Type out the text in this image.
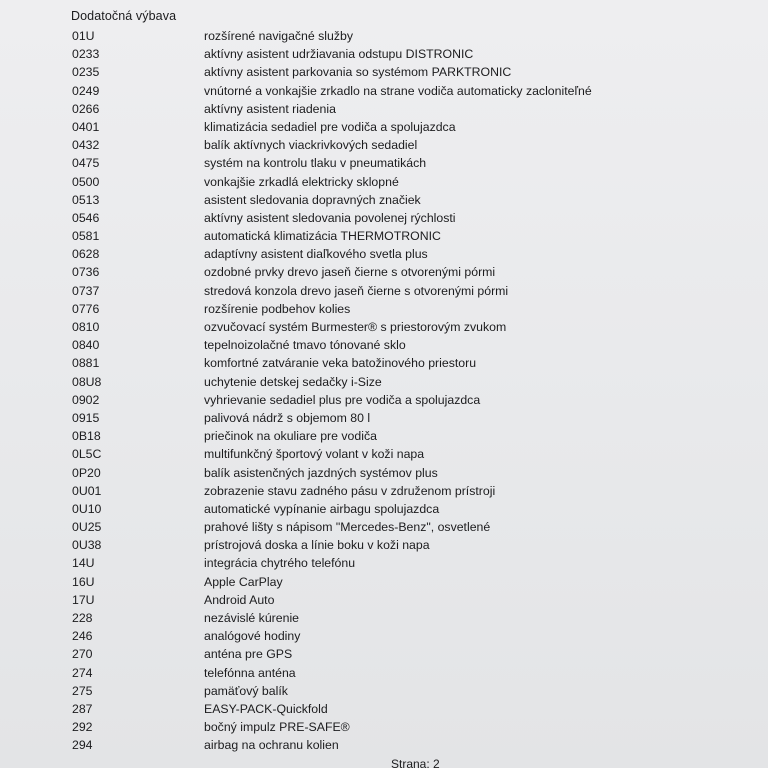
Dodatočná výbava
01U	rozšírené navigačné služby
0233	aktívny asistent udržiavania odstupu DISTRONIC
0235	aktívny asistent parkovania so systémom PARKTRONIC
0249	vnútorné a vonkajšie zrkadlo na strane vodiča automaticky zacloniteľné
0266	aktívny asistent riadenia
0401	klimatizácia sedadiel pre vodiča a spolujazdca
0432	balík aktívnych viackrivkových sedadiel
0475	systém na kontrolu tlaku v pneumatikách
0500	vonkajšie zrkadlá elektricky sklopné
0513	asistent sledovania dopravných značiek
0546	aktívny asistent sledovania povolenej rýchlosti
0581	automatická klimatizácia THERMOTRONIC
0628	adaptívny asistent diaľkového svetla plus
0736	ozdobné prvky drevo jaseň čierne s otvorenými pórmi
0737	stredová konzola drevo jaseň čierne s otvorenými pórmi
0776	rozšírenie podbehov kolies
0810	ozvučovací systém Burmester® s priestorovým zvukom
0840	tepelnoizolačné tmavo tónované sklo
0881	komfortné zatváranie veka batožinového priestoru
08U8	uchytenie detskej sedačky i-Size
0902	vyhrievanie sedadiel plus pre vodiča a spolujazdca
0915	palivová nádrž s objemom 80 l
0B18	priečinok na okuliare pre vodiča
0L5C	multifunkčný športový volant v koži napa
0P20	balík asistenčných jazdných systémov plus
0U01	zobrazenie stavu zadného pásu v združenom prístroji
0U10	automatické vypínanie airbagu spolujazdca
0U25	prahové lišty s nápisom "Mercedes-Benz", osvetlené
0U38	prístrojová doska a línie boku v koži napa
14U	integrácia chytrého telefónu
16U	Apple CarPlay
17U	Android Auto
228	nezávislé kúrenie
246	analógové hodiny
270	anténa pre GPS
274	telefónna anténa
275	pamäťový balík
287	EASY-PACK-Quickfold
292	bočný impulz PRE-SAFE®
294	airbag na ochranu kolien
Strana: 2
